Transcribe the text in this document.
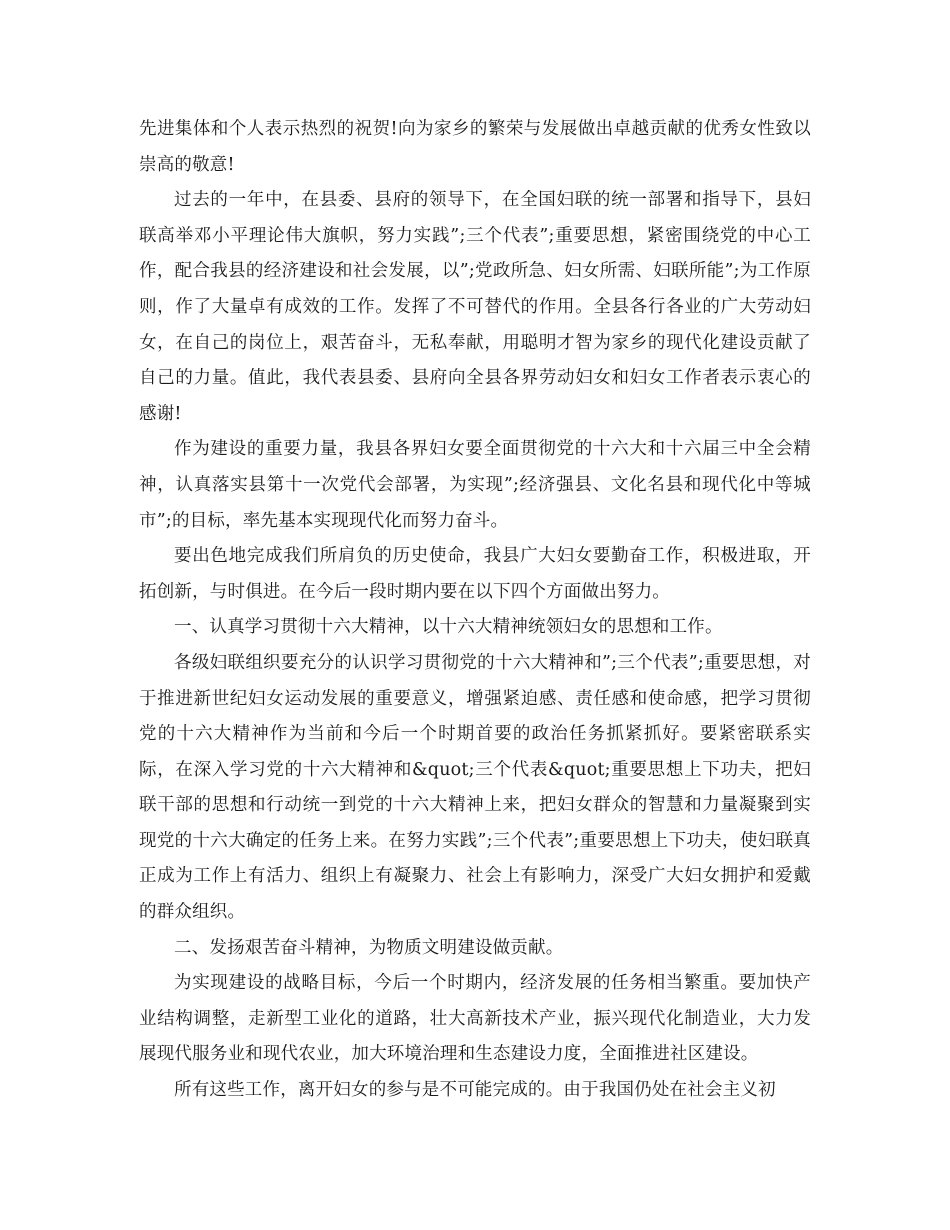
先进集体和个人表示热烈的祝贺!向为家乡的繁荣与发展做出卓越贡献的优秀女性致以崇高的敬意!

过去的一年中，在县委、县府的领导下，在全国妇联的统一部署和指导下，县妇联高举邓小平理论伟大旗帜，努力实践”;三个代表”;重要思想，紧密围绕党的中心工作，配合我县的经济建设和社会发展，以”;党政所急、妇女所需、妇联所能”;为工作原则，作了大量卓有成效的工作。发挥了不可替代的作用。全县各行各业的广大劳动妇女，在自己的岗位上，艰苦奋斗，无私奉献，用聪明才智为家乡的现代化建设贡献了自己的力量。值此，我代表县委、县府向全县各界劳动妇女和妇女工作者表示衷心的感谢!

作为建设的重要力量，我县各界妇女要全面贯彻党的十六大和十六届三中全会精神，认真落实县第十一次党代会部署，为实现”;经济强县、文化名县和现代化中等城市”;的目标，率先基本实现现代化而努力奋斗。

要出色地完成我们所肩负的历史使命，我县广大妇女要勤奋工作，积极进取，开拓创新，与时俱进。在今后一段时期内要在以下四个方面做出努力。

一、认真学习贯彻十六大精神，以十六大精神统领妇女的思想和工作。

各级妇联组织要充分的认识学习贯彻党的十六大精神和”;三个代表”;重要思想，对于推进新世纪妇女运动发展的重要意义，增强紧迫感、责任感和使命感，把学习贯彻党的十六大精神作为当前和今后一个时期首要的政治任务抓紧抓好。要紧密联系实际，在深入学习党的十六大精神和&quot;三个代表&quot;重要思想上下功夫，把妇联干部的思想和行动统一到党的十六大精神上来，把妇女群众的智慧和力量凝聚到实现党的十六大确定的任务上来。在努力实践”;三个代表”;重要思想上下功夫，使妇联真正成为工作上有活力、组织上有凝聚力、社会上有影响力，深受广大妇女拥护和爱戴的群众组织。

二、发扬艰苦奋斗精神，为物质文明建设做贡献。

为实现建设的战略目标，今后一个时期内，经济发展的任务相当繁重。要加快产业结构调整，走新型工业化的道路，壮大高新技术产业，振兴现代化制造业，大力发展现代服务业和现代农业，加大环境治理和生态建设力度，全面推进社区建设。

所有这些工作，离开妇女的参与是不可能完成的。由于我国仍处在社会主义初
